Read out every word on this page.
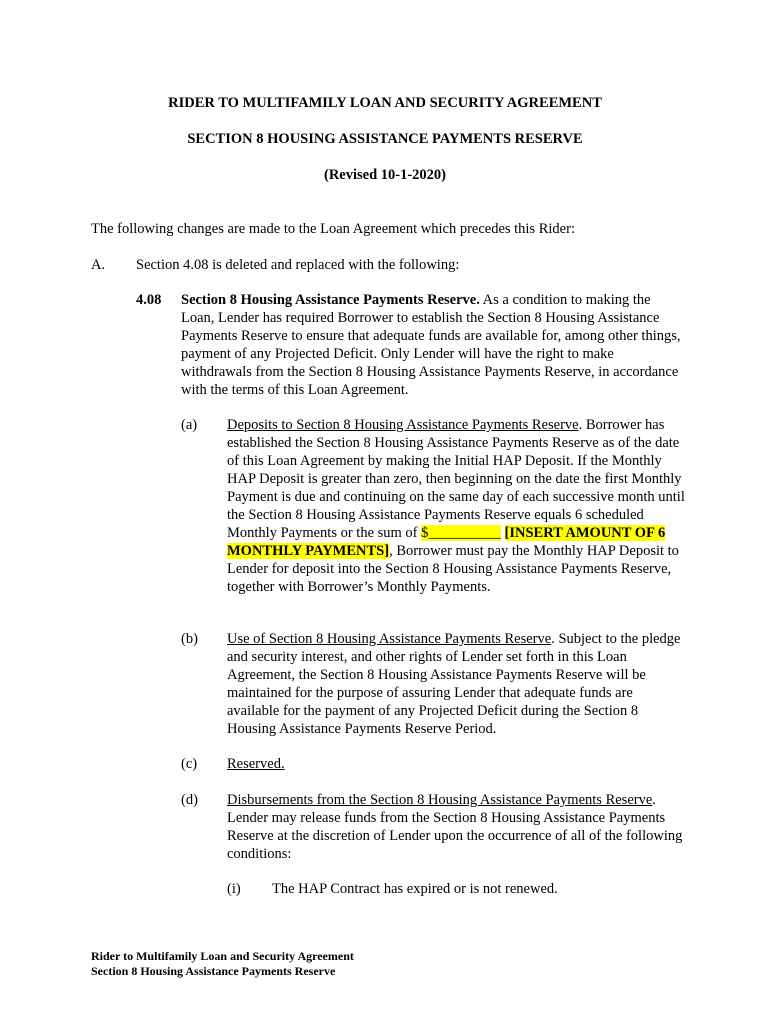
RIDER TO MULTIFAMILY LOAN AND SECURITY AGREEMENT
SECTION 8 HOUSING ASSISTANCE PAYMENTS RESERVE
(Revised 10-1-2020)
The following changes are made to the Loan Agreement which precedes this Rider:
A. Section 4.08 is deleted and replaced with the following:
4.08 Section 8 Housing Assistance Payments Reserve. As a condition to making the Loan, Lender has required Borrower to establish the Section 8 Housing Assistance Payments Reserve to ensure that adequate funds are available for, among other things, payment of any Projected Deficit. Only Lender will have the right to make withdrawals from the Section 8 Housing Assistance Payments Reserve, in accordance with the terms of this Loan Agreement.
(a) Deposits to Section 8 Housing Assistance Payments Reserve. Borrower has established the Section 8 Housing Assistance Payments Reserve as of the date of this Loan Agreement by making the Initial HAP Deposit. If the Monthly HAP Deposit is greater than zero, then beginning on the date the first Monthly Payment is due and continuing on the same day of each successive month until the Section 8 Housing Assistance Payments Reserve equals 6 scheduled Monthly Payments or the sum of $__________ [INSERT AMOUNT OF 6 MONTHLY PAYMENTS], Borrower must pay the Monthly HAP Deposit to Lender for deposit into the Section 8 Housing Assistance Payments Reserve, together with Borrower’s Monthly Payments.
(b) Use of Section 8 Housing Assistance Payments Reserve. Subject to the pledge and security interest, and other rights of Lender set forth in this Loan Agreement, the Section 8 Housing Assistance Payments Reserve will be maintained for the purpose of assuring Lender that adequate funds are available for the payment of any Projected Deficit during the Section 8 Housing Assistance Payments Reserve Period.
(c) Reserved.
(d) Disbursements from the Section 8 Housing Assistance Payments Reserve. Lender may release funds from the Section 8 Housing Assistance Payments Reserve at the discretion of Lender upon the occurrence of all of the following conditions:
(i) The HAP Contract has expired or is not renewed.
Rider to Multifamily Loan and Security Agreement
Section 8 Housing Assistance Payments Reserve
